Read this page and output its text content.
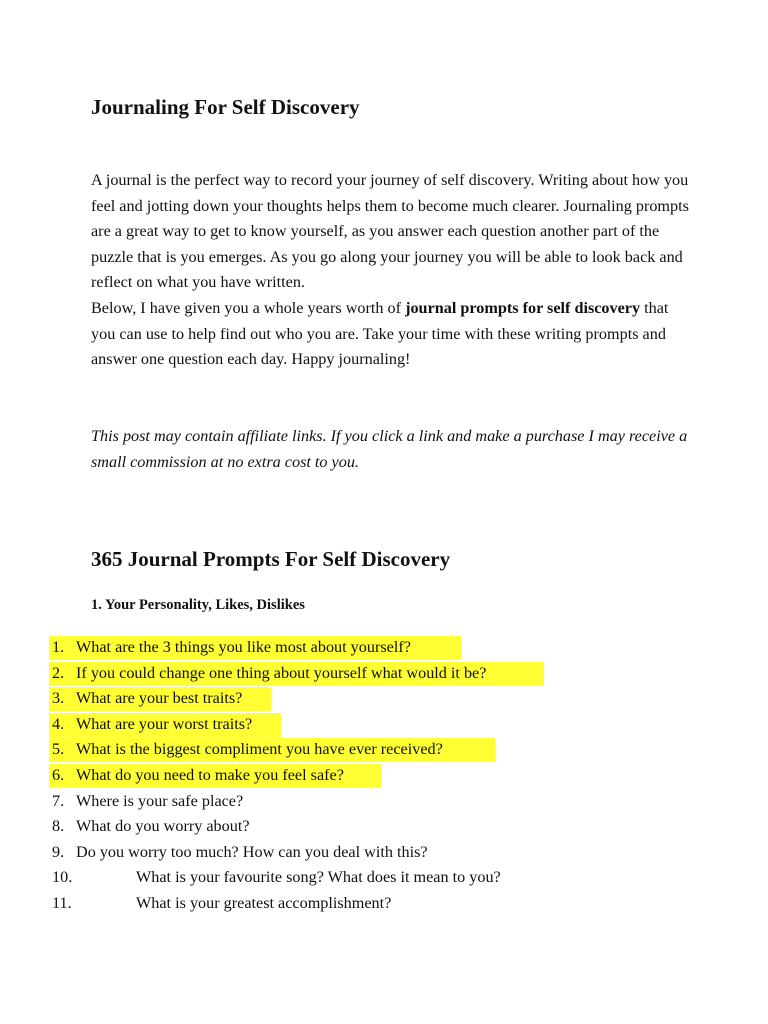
Journaling For Self Discovery

A journal is the perfect way to record your journey of self discovery. Writing about how you feel and jotting down your thoughts helps them to become much clearer. Journaling prompts are a great way to get to know yourself, as you answer each question another part of the puzzle that is you emerges. As you go along your journey you will be able to look back and reflect on what you have written.
Below, I have given you a whole years worth of journal prompts for self discovery that you can use to help find out who you are. Take your time with these writing prompts and answer one question each day. Happy journaling!

This post may contain affiliate links. If you click a link and make a purchase I may receive a small commission at no extra cost to you.

365 Journal Prompts For Self Discovery
1. Your Personality, Likes, Dislikes
1. What are the 3 things you like most about yourself?
2. If you could change one thing about yourself what would it be?
3. What are your best traits?
4. What are your worst traits?
5. What is the biggest compliment you have ever received?
6. What do you need to make you feel safe?
7. Where is your safe place?
8. What do you worry about?
9. Do you worry too much? How can you deal with this?
10.	What is your favourite song? What does it mean to you?
11.	What is your greatest accomplishment?
